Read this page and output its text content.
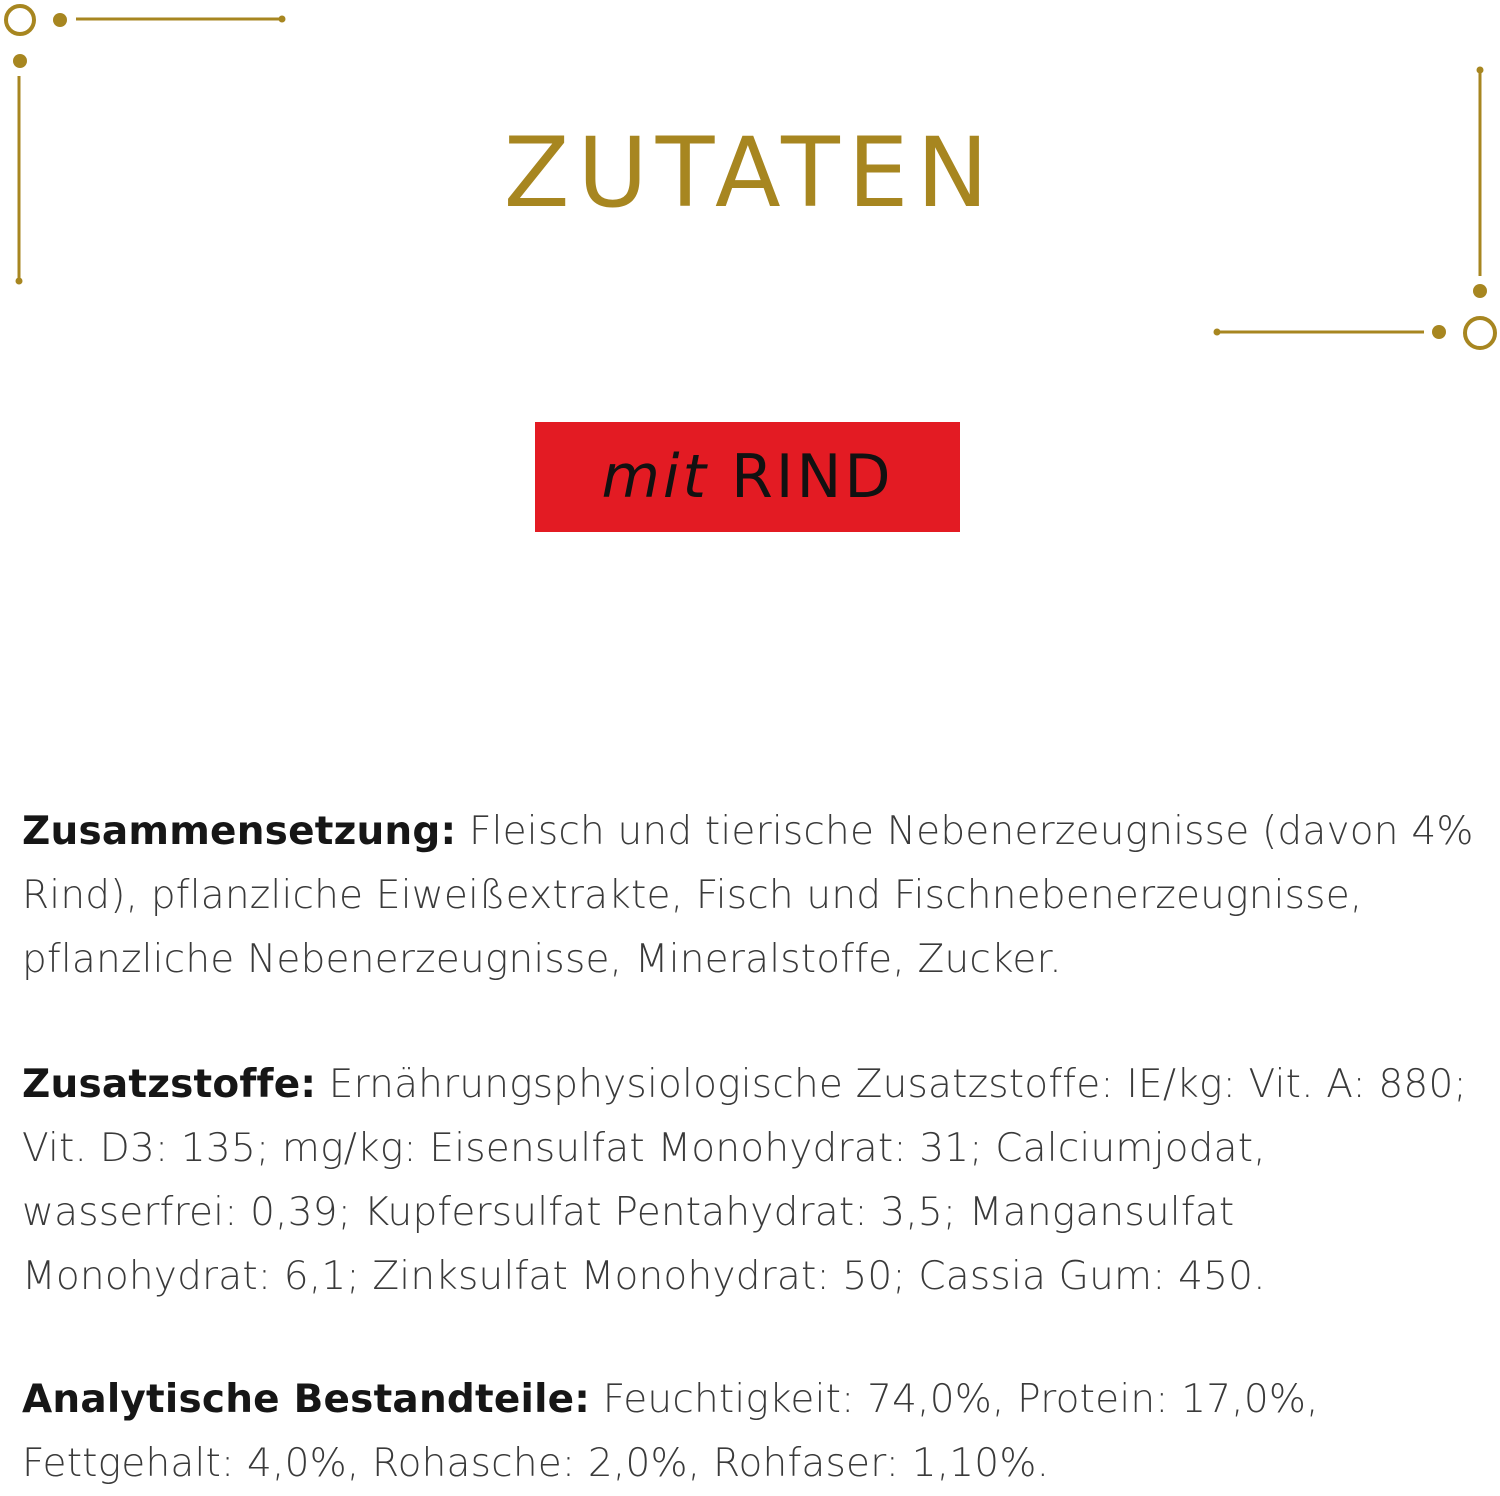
ZUTATEN
mit RIND

Zusammensetzung: Fleisch und tierische Nebenerzeugnisse (davon 4% Rind), pflanzliche Eiweißextrakte, Fisch und Fischnebenerzeugnisse, pflanzliche Nebenerzeugnisse, Mineralstoffe, Zucker.

Zusatzstoffe: Ernährungsphysiologische Zusatzstoffe: IE/kg: Vit. A: 880; Vit. D3: 135; mg/kg: Eisensulfat Monohydrat: 31; Calciumjodat, wasserfrei: 0,39; Kupfersulfat Pentahydrat: 3,5; Mangansulfat Monohydrat: 6,1; Zinksulfat Monohydrat: 50; Cassia Gum: 450.

Analytische Bestandteile: Feuchtigkeit: 74,0%, Protein: 17,0%, Fettgehalt: 4,0%, Rohasche: 2,0%, Rohfaser: 1,10%.
